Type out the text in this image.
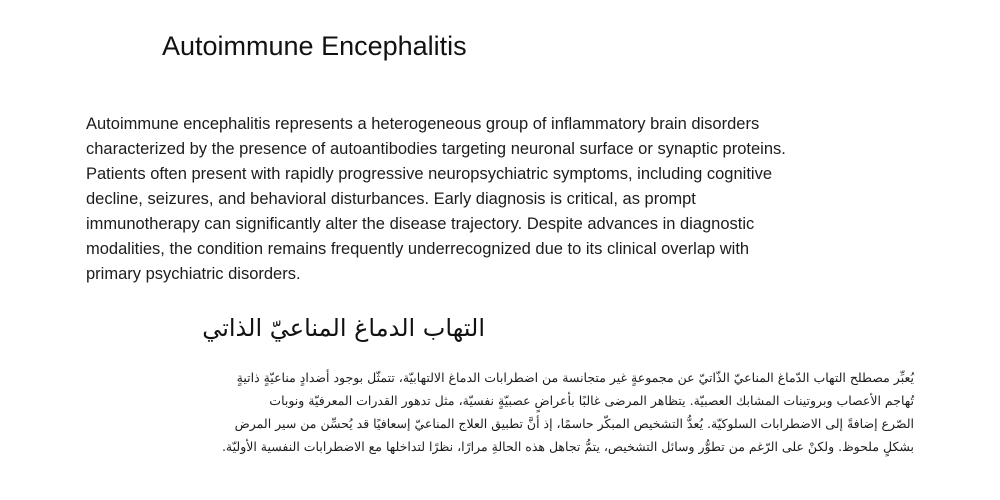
Autoimmune Encephalitis

Autoimmune encephalitis represents a heterogeneous group of inflammatory brain disorders
characterized by the presence of autoantibodies targeting neuronal surface or synaptic proteins.
Patients often present with rapidly progressive neuropsychiatric symptoms, including cognitive
decline, seizures, and behavioral disturbances. Early diagnosis is critical, as prompt
immunotherapy can significantly alter the disease trajectory. Despite advances in diagnostic
modalities, the condition remains frequently underrecognized due to its clinical overlap with
primary psychiatric disorders.

التهاب الدماغ المناعيّ الذاتي

يُعبِّر مصطلح التهاب الدّماغ المناعيّ الذّاتيّ عن مجموعةٍ غير متجانسة من اضطرابات الدماغ الالتهابيّة، تتمثّل بوجود أضدادٍ مناعيّةٍ ذاتيةٍ
تُهاجم الأعصاب وبروتينات المشابك العصبيّة. يتظاهر المرضى غالبًا بأعراضٍ عصبيّةٍ نفسيّة، مثل تدهور القدرات المعرفيّة ونوبات
الصّرع إضافةً إلى الاضطرابات السلوكيّة. يُعدُّ التشخيص المبكّر حاسمًا، إذ أنَّ تطبيق العلاج المناعيّ إسعافيًا قد يُحسِّن من سير المرض
بشكلٍ ملحوظ. ولكنْ على الرّغم من تطوُّر وسائل التشخيص، يتمُّ تجاهل هذه الحالةِ مرارًا، نظرًا لتداخلها مع الاضطرابات النفسية الأوليّة.
